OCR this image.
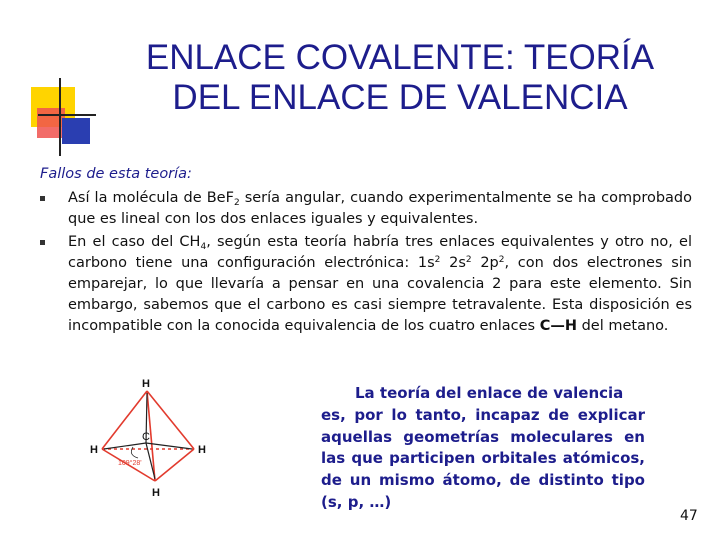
ENLACE COVALENTE: TEORÍA
DEL ENLACE DE VALENCIA
Fallos de esta teoría:
Así la molécula de BeF$_2$ sería angular, cuando experimentalmente se ha comprobado que es lineal con los dos enlaces iguales y equivalentes.
En el caso del $CH_4$, según esta teoría habría tres enlaces equivalentes y otro no, el carbono tiene una configuración electrónica: $1s^2$ $2s^2$ $2p^2$, con dos electrones sin emparejar, lo que llevaría a pensar en una covalencia 2 para este elemento. Sin embargo, sabemos que el carbono es casi siempre tetravalente. Esta disposición es incompatible con la conocida equivalencia de los cuatro enlaces C—H del metano.
H
H	H
H
C
109°28'
La teoría del enlace de valencia
es, por lo tanto, incapaz de explicar aquellas geometrías moleculares en las que participen orbitales atómicos, de un mismo átomo, de distinto tipo (s, p, …)
47
